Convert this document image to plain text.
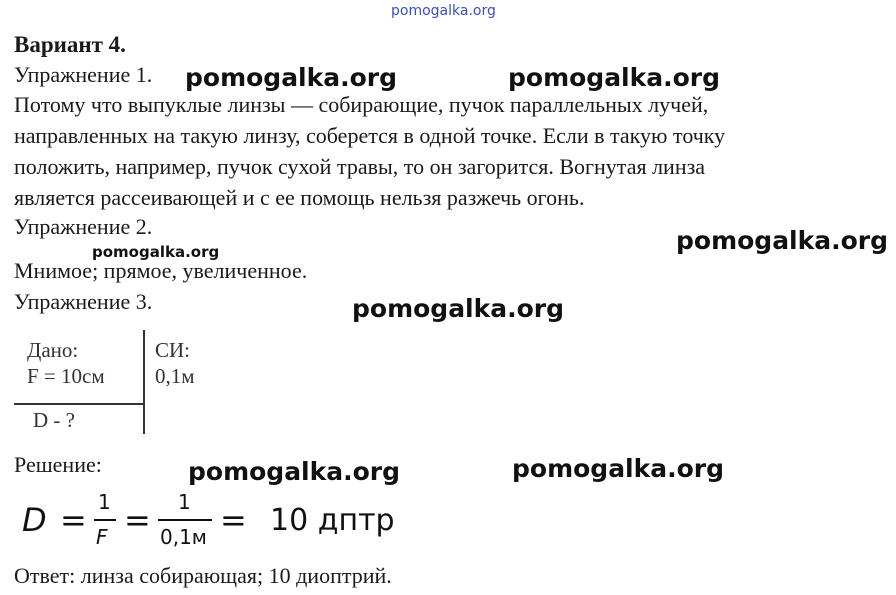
pomogalka.org
Вариант 4.
Упражнение 1. pomogalka.org	pomogalka.org
Потому что выпуклые линзы — собирающие, пучок параллельных лучей,
направленных на такую линзу, соберется в одной точке. Если в такую точку
положить, например, пучок сухой травы, то он загорится. Вогнутая линза
является рассеивающей и с ее помощь нельзя разжечь огонь.
Упражнение 2.
pomogalka.org	pomogalka.org
Мнимое; прямое, увеличенное.
Упражнение 3.	pomogalka.org
Дано:
F = 10см
СИ:
0,1м
D - ?
Решение:	pomogalka.org	pomogalka.org
D = 1
F = 1
0,1м = 10 дптр
Ответ: линза собирающая; 10 диоптрий.
